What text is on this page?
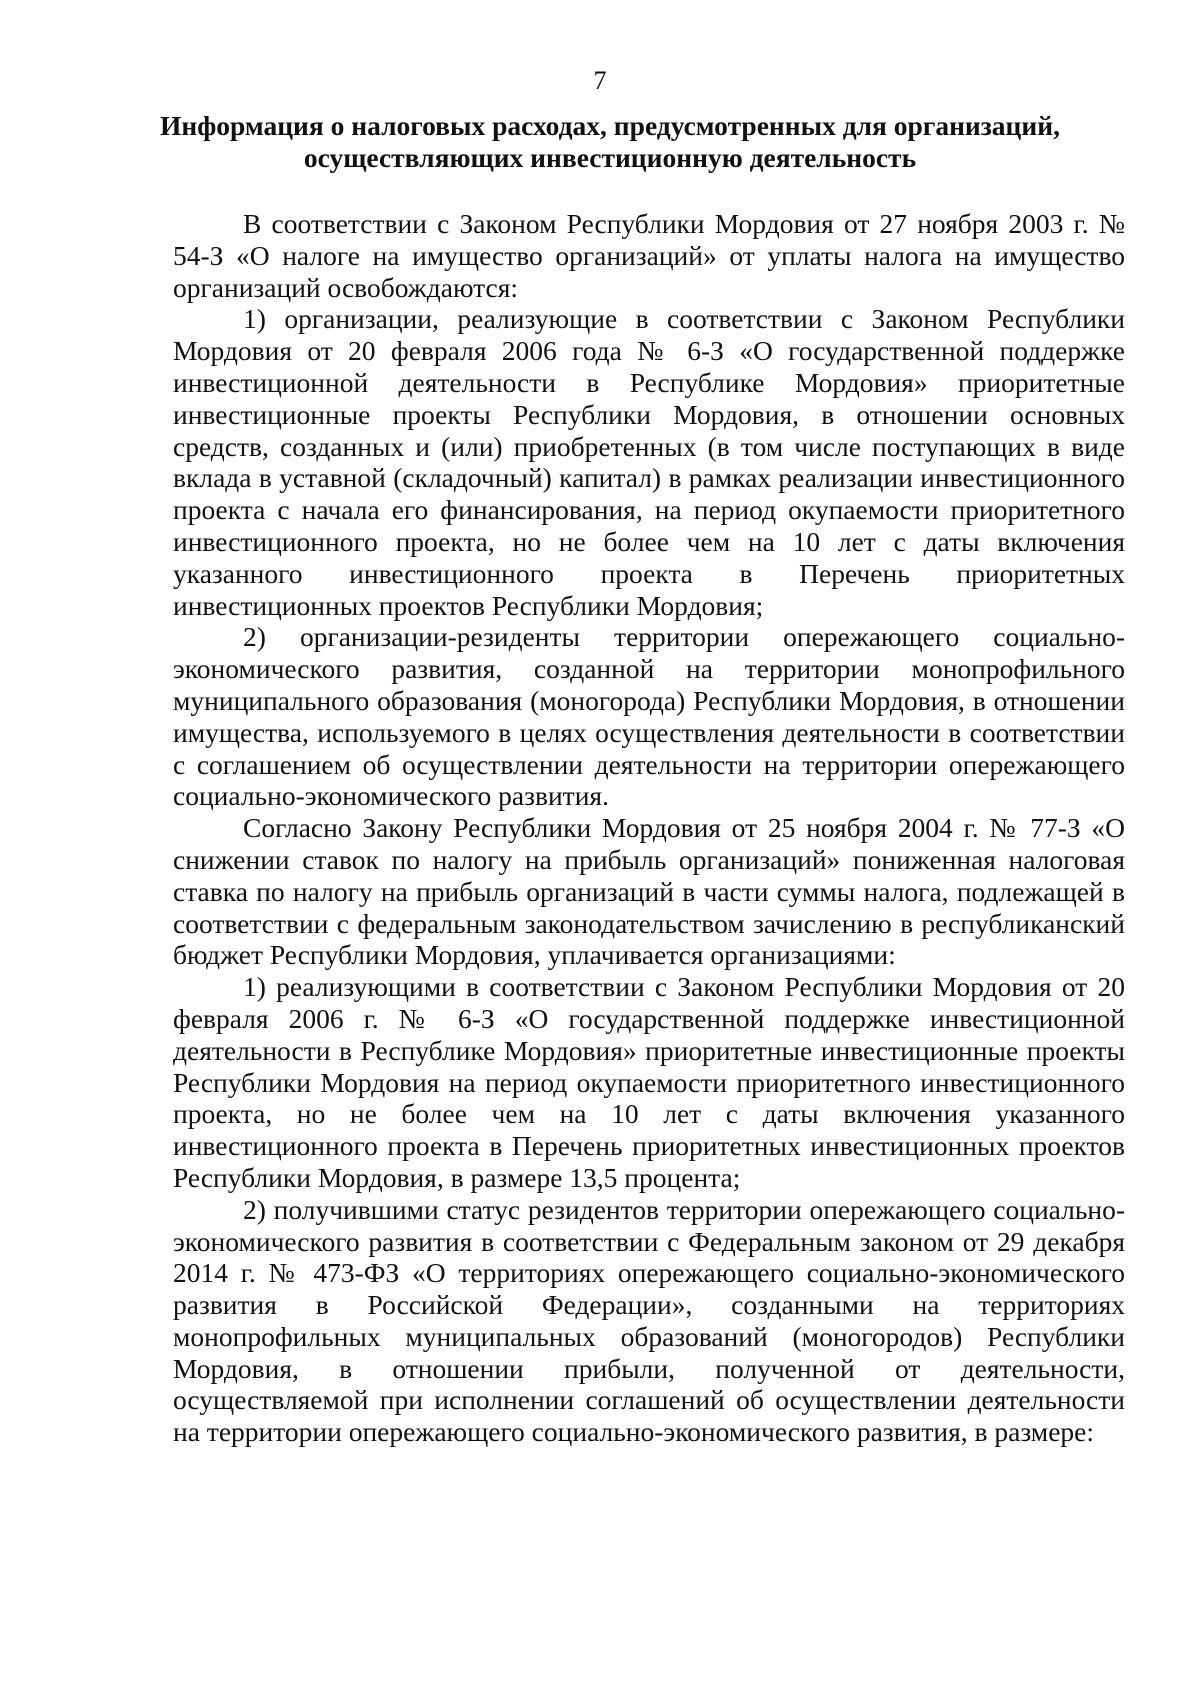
7
Информация о налоговых расходах, предусмотренных для организаций,
осуществляющих инвестиционную деятельность

В соответствии с Законом Республики Мордовия от 27 ноября 2003 г. № 54-З «О налоге на имущество организаций» от уплаты налога на имущество организаций освобождаются:

1) организации, реализующие в соответствии с Законом Республики Мордовия от 20 февраля 2006 года № 6-З «О государственной поддержке инвестиционной деятельности в Республике Мордовия» приоритетные инвестиционные проекты Республики Мордовия, в отношении основных средств, созданных и (или) приобретенных (в том числе поступающих в виде вклада в уставной (складочный) капитал) в рамках реализации инвестиционного проекта с начала его финансирования, на период окупаемости приоритетного инвестиционного проекта, но не более чем на 10 лет с даты включения указанного инвестиционного проекта в Перечень приоритетных инвестиционных проектов Республики Мордовия;

2) организации-резиденты территории опережающего социально-экономического развития, созданной на территории монопрофильного муниципального образования (моногорода) Республики Мордовия, в отношении имущества, используемого в целях осуществления деятельности в соответствии с соглашением об осуществлении деятельности на территории опережающего социально-экономического развития.

Согласно Закону Республики Мордовия от 25 ноября 2004 г. № 77-З «О снижении ставок по налогу на прибыль организаций» пониженная налоговая ставка по налогу на прибыль организаций в части суммы налога, подлежащей в соответствии с федеральным законодательством зачислению в республиканский бюджет Республики Мордовия, уплачивается организациями:

1) реализующими в соответствии с Законом Республики Мордовия от 20 февраля 2006 г. № 6-З «О государственной поддержке инвестиционной деятельности в Республике Мордовия» приоритетные инвестиционные проекты Республики Мордовия на период окупаемости приоритетного инвестиционного проекта, но не более чем на 10 лет с даты включения указанного инвестиционного проекта в Перечень приоритетных инвестиционных проектов Республики Мордовия, в размере 13,5 процента;

2) получившими статус резидентов территории опережающего социально-экономического развития в соответствии с Федеральным законом от 29 декабря 2014 г. № 473-ФЗ «О территориях опережающего социально-экономического развития в Российской Федерации», созданными на территориях монопрофильных муниципальных образований (моногородов) Республики Мордовия, в отношении прибыли, полученной от деятельности, осуществляемой при исполнении соглашений об осуществлении деятельности на территории опережающего социально-экономического развития, в размере:
